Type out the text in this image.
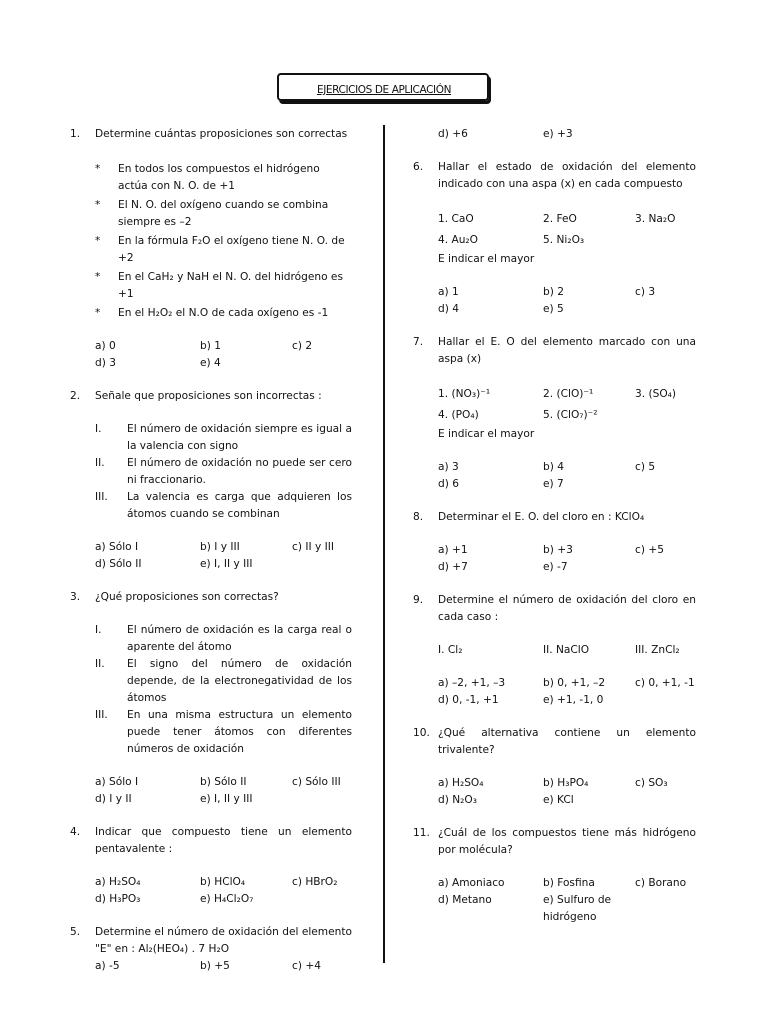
EJERCICIOS DE APLICACIÓN
1. Determine cuántas proposiciones son correctas
* En todos los compuestos el hidrógeno actúa con N. O. de +1
* El N. O. del oxígeno cuando se combina siempre es –2
* En la fórmula F₂O el oxígeno tiene N. O. de +2
* En el CaH₂ y NaH el N. O. del hidrógeno es +1
* En el H₂O₂ el N.O de cada oxígeno es -1
a) 0	b) 1	c) 2
d) 3	e) 4
2. Señale que proposiciones son incorrectas :
I. El número de oxidación siempre es igual a la valencia con signo
II. El número de oxidación no puede ser cero ni fraccionario.
III. La valencia es carga que adquieren los átomos cuando se combinan
a) Sólo I	b) I y III	c) II y III
d) Sólo II	e) I, II y III
3. ¿Qué proposiciones son correctas?
I. El número de oxidación es la carga real o aparente del átomo
II. El signo del número de oxidación depende, de la electronegatividad de los átomos
III. En una misma estructura un elemento puede tener átomos con diferentes números de oxidación
a) Sólo I	b) Sólo II	c) Sólo III
d) I y II	e) I, II y III
4. Indicar que compuesto tiene un elemento pentavalente :
a) H₂SO₄	b) HClO₄	c) HBrO₂
d) H₃PO₃	e) H₄Cl₂O₇
5. Determine el número de oxidación del elemento "E" en : Al₂(HEO₄) . 7 H₂O
a) -5	b) +5	c) +4
d) +6	e) +3
6. Hallar el estado de oxidación del elemento indicado con una aspa (x) en cada compuesto
1. CaO	2. FeO	3. Na₂O
4. Au₂O	5. Ni₂O₃
E indicar el mayor
a) 1	b) 2	c) 3
d) 4	e) 5
7. Hallar el E. O del elemento marcado con una aspa (x)
1. (NO₃)⁻¹	2. (ClO)⁻¹	3. (SO₄)
4. (PO₄)	5. (ClO₇)⁻²
E indicar el mayor
a) 3	b) 4	c) 5
d) 6	e) 7
8. Determinar el E. O. del cloro en : KClO₄
a) +1	b) +3	c) +5
d) +7	e) -7
9. Determine el número de oxidación del cloro en cada caso :
I. Cl₂	II. NaClO	III. ZnCl₂
a) –2, +1, –3	b) 0, +1, –2	c) 0, +1, -1
d) 0, -1, +1	e) +1, -1, 0
10. ¿Qué alternativa contiene un elemento trivalente?
a) H₂SO₄	b) H₃PO₄	c) SO₃
d) N₂O₃	e) KCl
11. ¿Cuál de los compuestos tiene más hidrógeno por molécula?
a) Amoniaco	b) Fosfina	c) Borano
d) Metano	e) Sulfuro de hidrógeno
